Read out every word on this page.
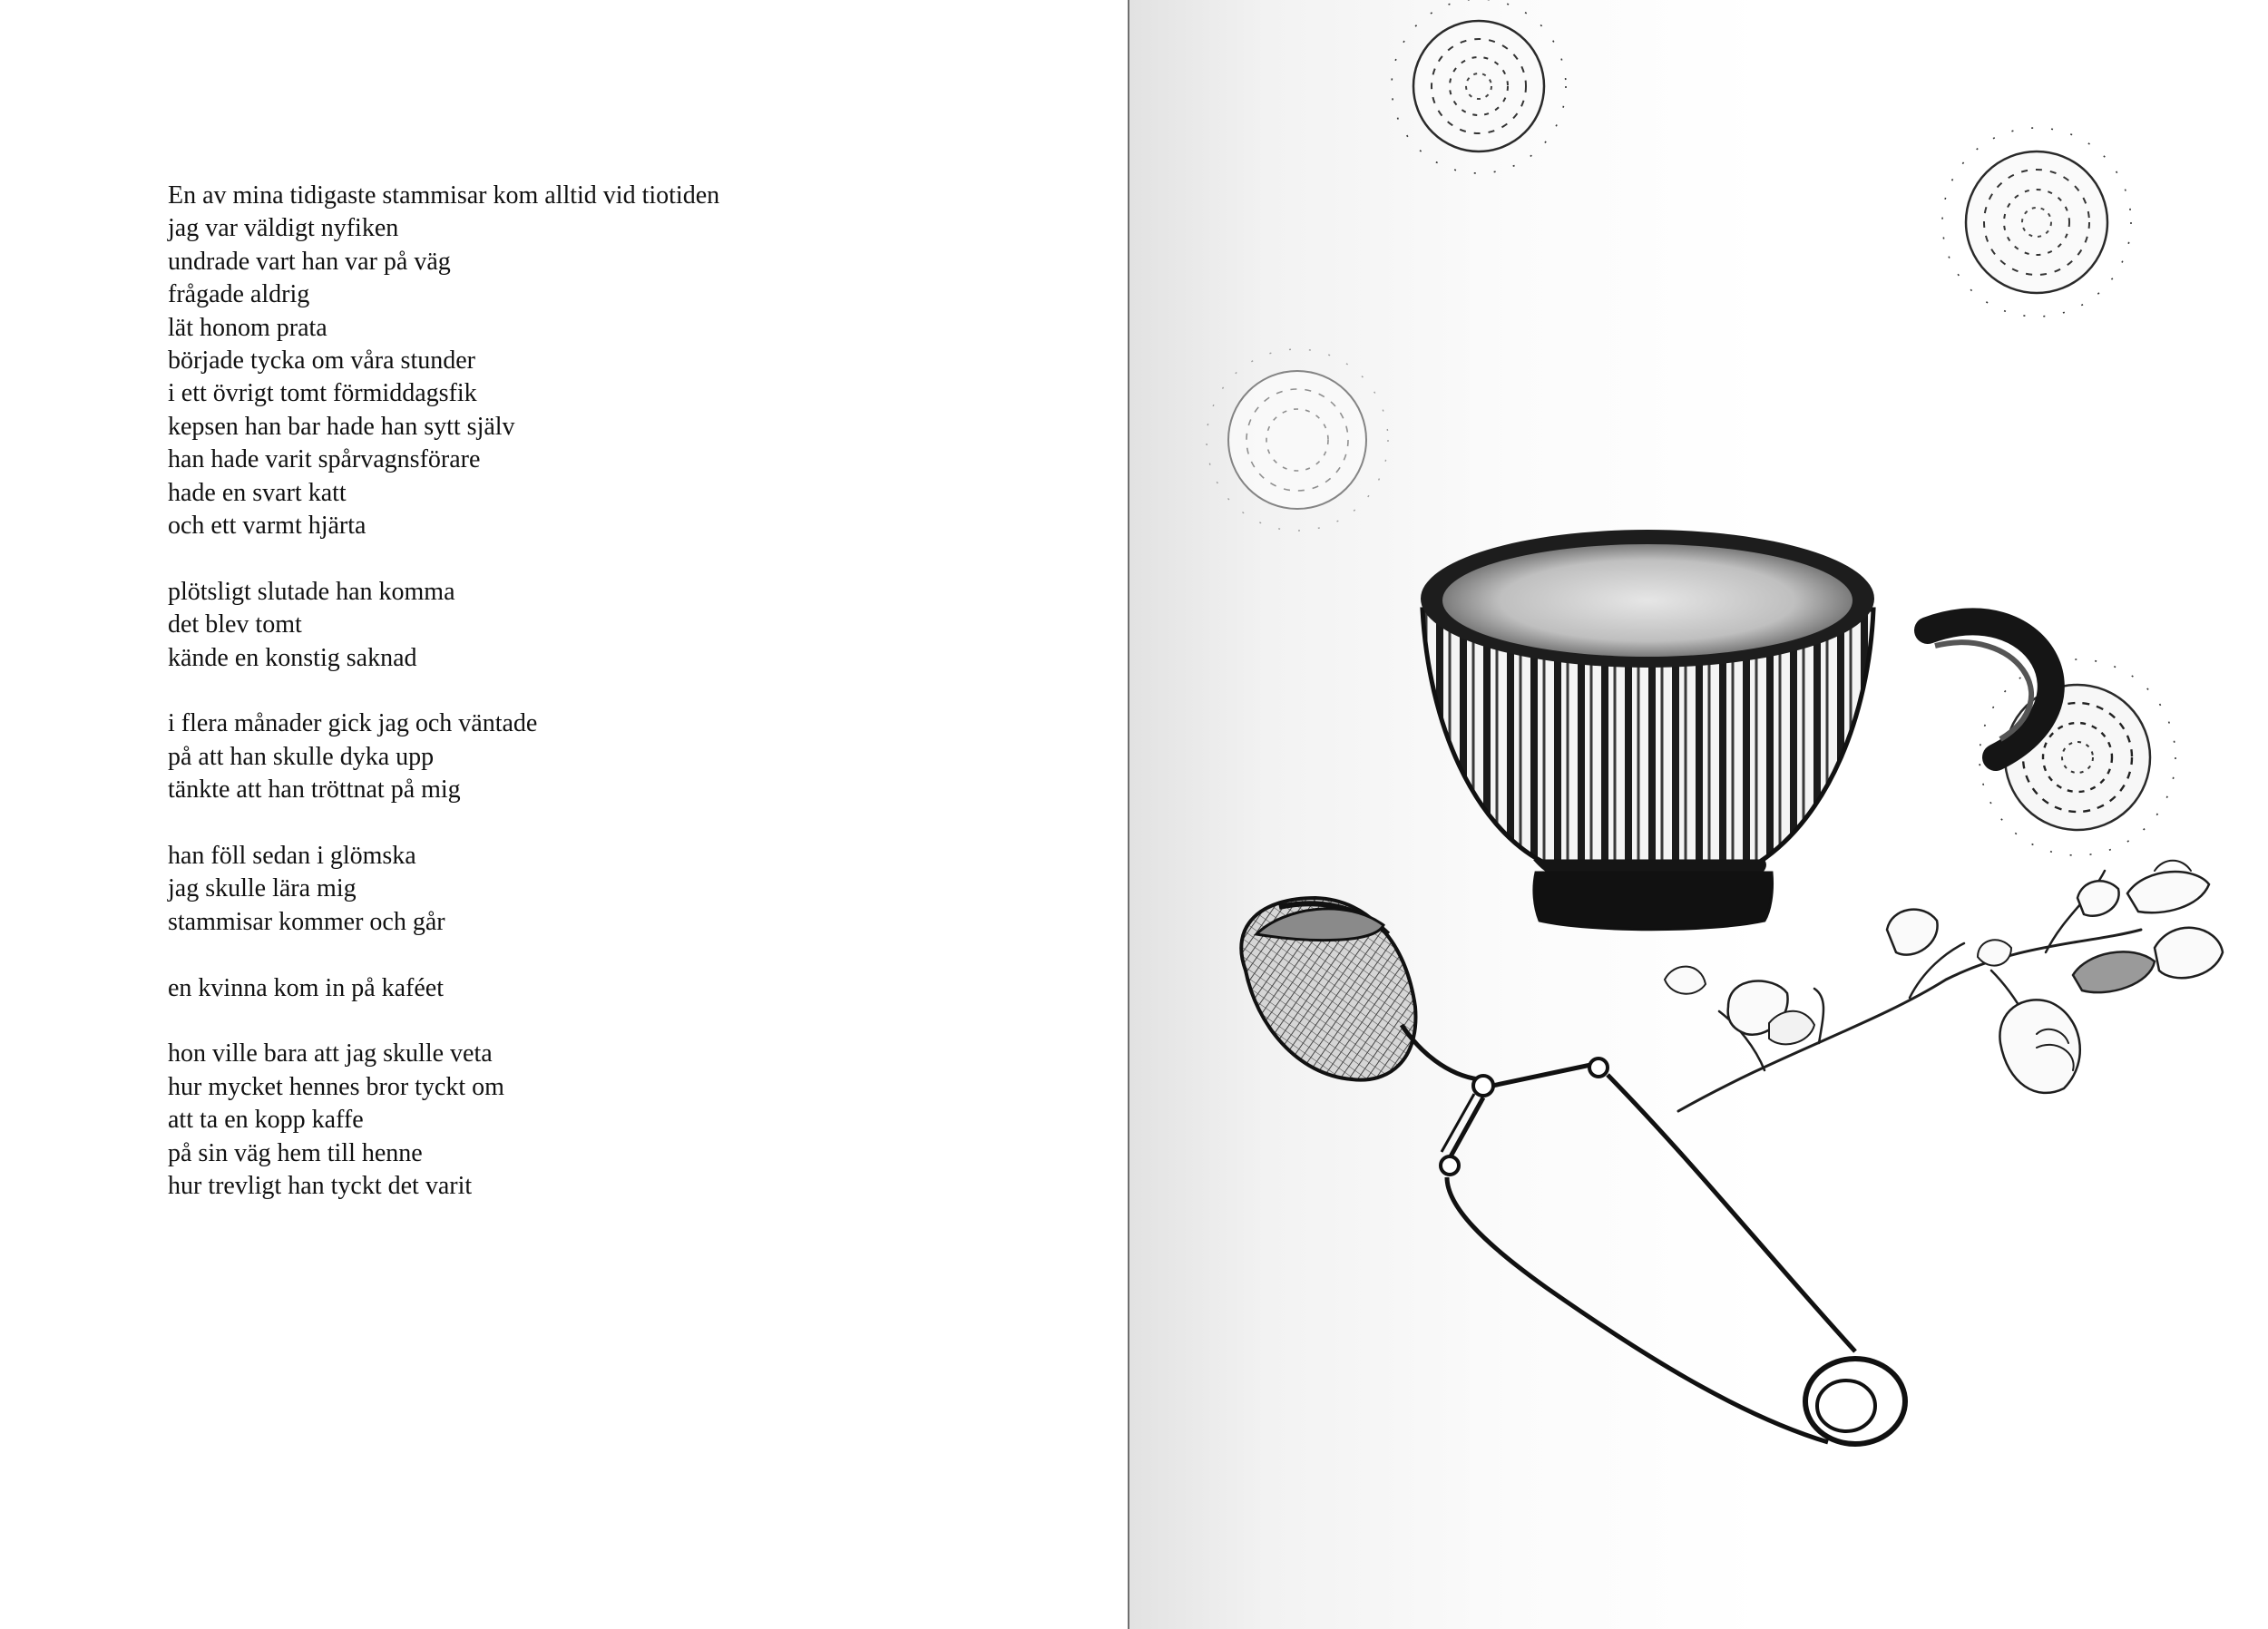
En av mina tidigaste stammisar kom alltid vid tiotiden
jag var väldigt nyfiken
undrade vart han var på väg
frågade aldrig
lät honom prata
började tycka om våra stunder
i ett övrigt tomt förmiddagsfik
kepsen han bar hade han sytt själv
han hade varit spårvagnsförare
hade en svart katt
och ett varmt hjärta
plötsligt slutade han komma
det blev tomt
kände en konstig saknad
i flera månader gick jag och väntade
på att han skulle dyka upp
tänkte att han tröttnat på mig
han föll sedan i glömska
jag skulle lära mig
stammisar kommer och går
en kvinna kom in på kaféet
hon ville bara att jag skulle veta
hur mycket hennes bror tyckt om
att ta en kopp kaffe
på sin väg hem till henne
hur trevligt han tyckt det varit
